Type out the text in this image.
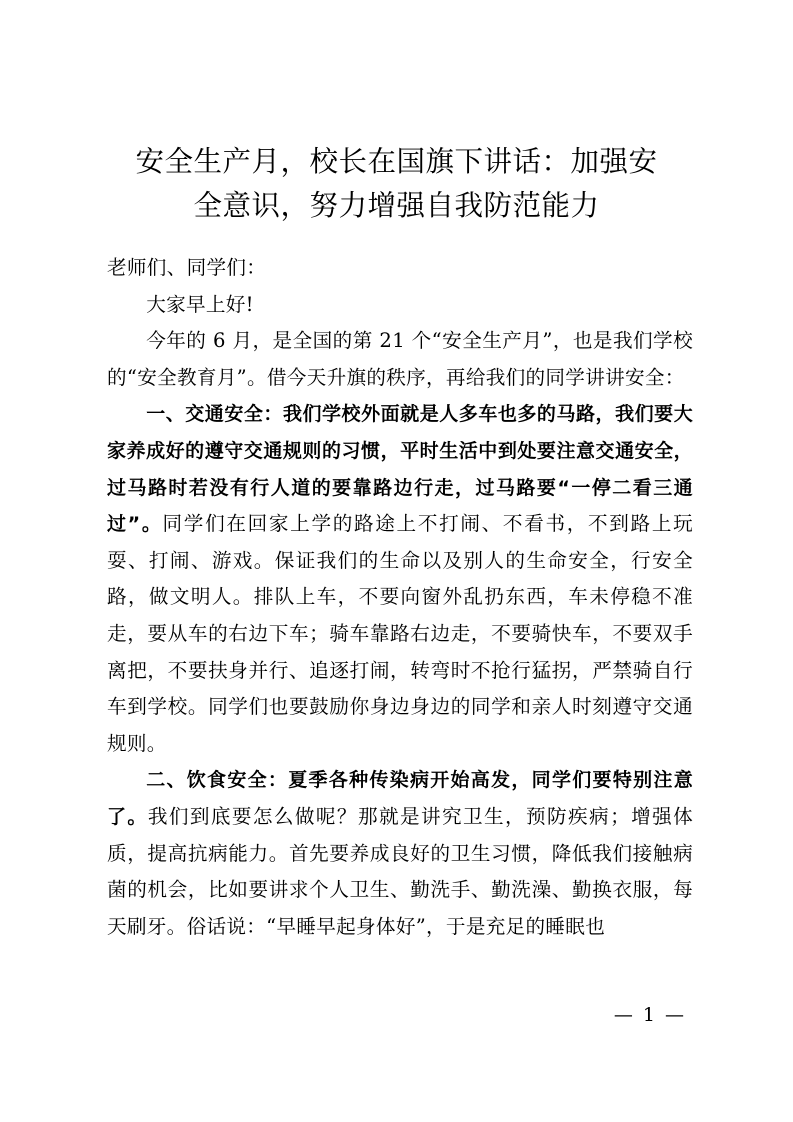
安全生产月，校长在国旗下讲话：加强安
全意识，努力增强自我防范能力

老师们、同学们：

大家早上好!

今年的 6 月，是全国的第 21 个“安全生产月”，也是我们学校的“安全教育月”。借今天升旗的秩序，再给我们的同学讲讲安全：

一、交通安全：我们学校外面就是人多车也多的马路，我们要大家养成好的遵守交通规则的习惯，平时生活中到处要注意交通安全，过马路时若没有行人道的要靠路边行走，过马路要“一停二看三通过”。同学们在回家上学的路途上不打闹、不看书，不到路上玩耍、打闹、游戏。保证我们的生命以及别人的生命安全，行安全路，做文明人。排队上车，不要向窗外乱扔东西，车未停稳不准走，要从车的右边下车；骑车靠路右边走，不要骑快车，不要双手离把，不要扶身并行、追逐打闹，转弯时不抢行猛拐，严禁骑自行车到学校。同学们也要鼓励你身边身边的同学和亲人时刻遵守交通规则。

二、饮食安全：夏季各种传染病开始高发，同学们要特别注意了。我们到底要怎么做呢？那就是讲究卫生，预防疾病；增强体质，提高抗病能力。首先要养成良好的卫生习惯，降低我们接触病菌的机会，比如要讲求个人卫生、勤洗手、勤洗澡、勤换衣服，每天刷牙。俗话说：“早睡早起身体好”，于是充足的睡眠也

— 1 —
